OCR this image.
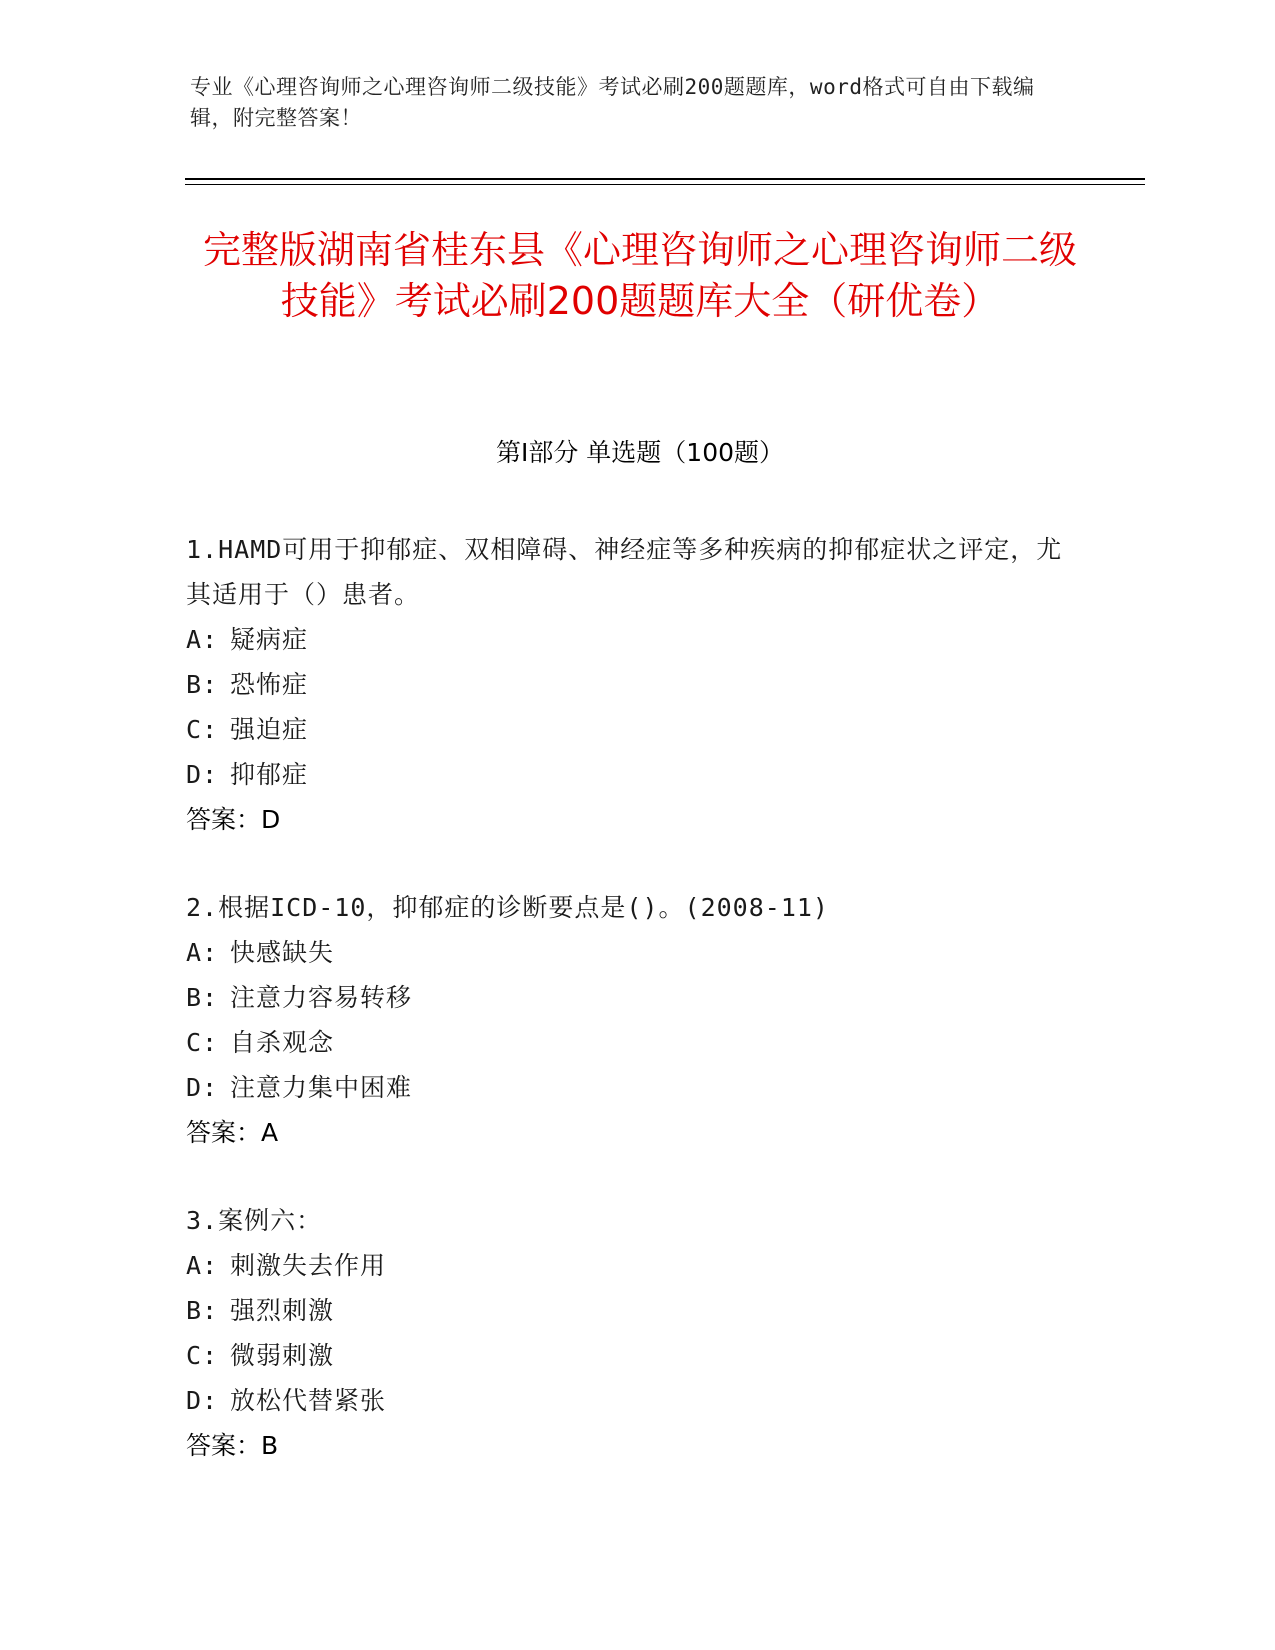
专业《心理咨询师之心理咨询师二级技能》考试必刷200题题库，word格式可自由下载编辑，附完整答案！
完整版湖南省桂东县《心理咨询师之心理咨询师二级技能》考试必刷200题题库大全（研优卷）
第Ⅰ部分 单选题（100题）
1.HAMD可用于抑郁症、双相障碍、神经症等多种疾病的抑郁症状之评定，尤其适用于（）患者。
A: 疑病症
B: 恐怖症
C: 强迫症
D: 抑郁症
答案：D
2.根据ICD-10，抑郁症的诊断要点是()。(2008-11)
A: 快感缺失
B: 注意力容易转移
C: 自杀观念
D: 注意力集中困难
答案：A
3.案例六：
A: 刺激失去作用
B: 强烈刺激
C: 微弱刺激
D: 放松代替紧张
答案：B
